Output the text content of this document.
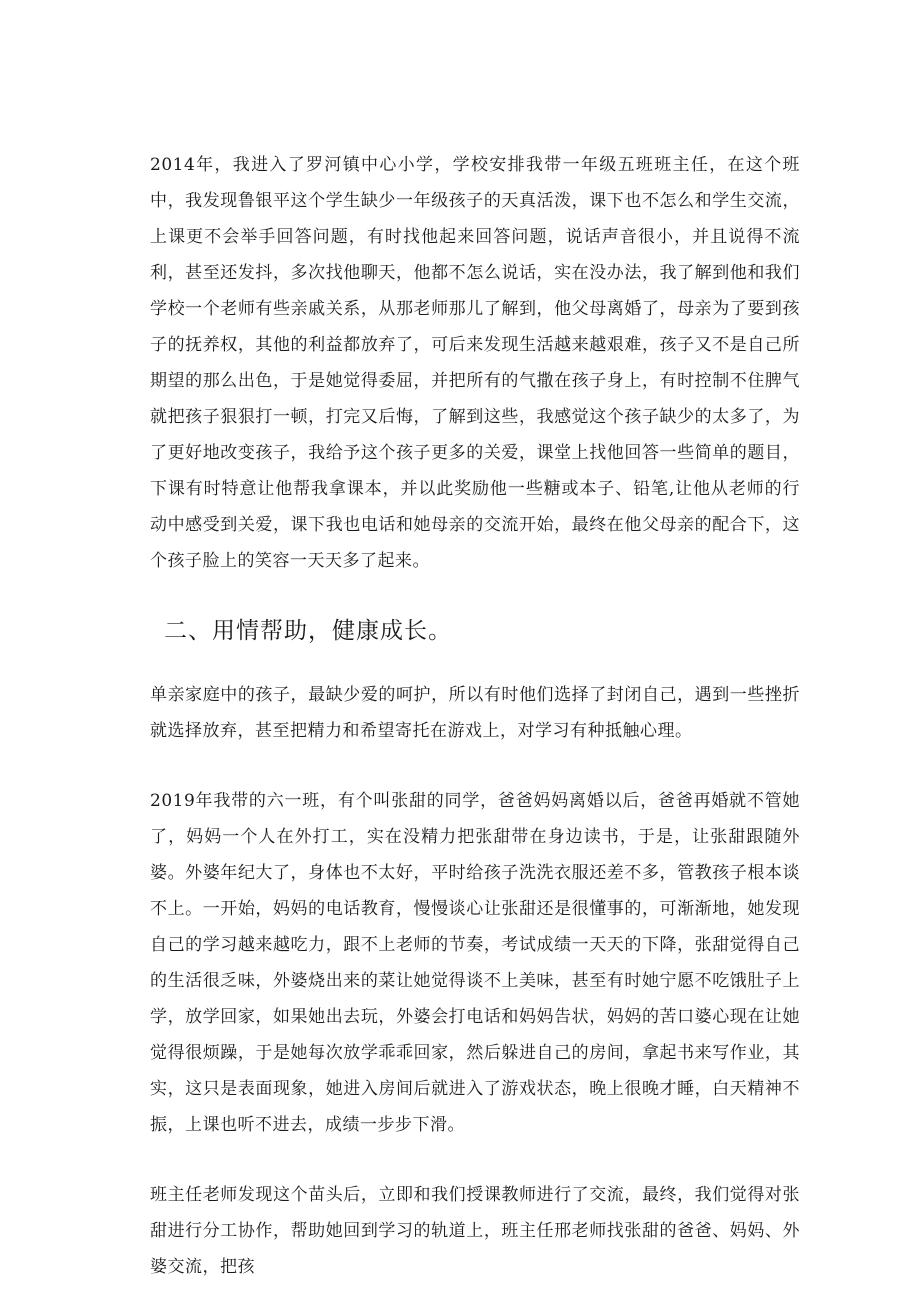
2014年，我进入了罗河镇中心小学，学校安排我带一年级五班班主任，在这个班中，我发现鲁银平这个学生缺少一年级孩子的天真活泼，课下也不怎么和学生交流，上课更不会举手回答问题，有时找他起来回答问题，说话声音很小，并且说得不流利，甚至还发抖，多次找他聊天，他都不怎么说话，实在没办法，我了解到他和我们学校一个老师有些亲戚关系，从那老师那儿了解到，他父母离婚了，母亲为了要到孩子的抚养权，其他的利益都放弃了，可后来发现生活越来越艰难，孩子又不是自己所期望的那么出色，于是她觉得委屈，并把所有的气撒在孩子身上，有时控制不住脾气就把孩子狠狠打一顿，打完又后悔，了解到这些，我感觉这个孩子缺少的太多了，为了更好地改变孩子，我给予这个孩子更多的关爱，课堂上找他回答一些简单的题目，下课有时特意让他帮我拿课本，并以此奖励他一些糖或本子、铅笔,让他从老师的行动中感受到关爱，课下我也电话和她母亲的交流开始，最终在他父母亲的配合下，这个孩子脸上的笑容一天天多了起来。

二、用情帮助，健康成长。

单亲家庭中的孩子，最缺少爱的呵护，所以有时他们选择了封闭自己，遇到一些挫折就选择放弃，甚至把精力和希望寄托在游戏上，对学习有种抵触心理。

2019年我带的六一班，有个叫张甜的同学，爸爸妈妈离婚以后，爸爸再婚就不管她了，妈妈一个人在外打工，实在没精力把张甜带在身边读书，于是，让张甜跟随外婆。外婆年纪大了，身体也不太好，平时给孩子洗洗衣服还差不多，管教孩子根本谈不上。一开始，妈妈的电话教育，慢慢谈心让张甜还是很懂事的，可渐渐地，她发现自己的学习越来越吃力，跟不上老师的节奏，考试成绩一天天的下降，张甜觉得自己的生活很乏味，外婆烧出来的菜让她觉得谈不上美味，甚至有时她宁愿不吃饿肚子上学，放学回家，如果她出去玩，外婆会打电话和妈妈告状，妈妈的苦口婆心现在让她觉得很烦躁，于是她每次放学乖乖回家，然后躲进自己的房间，拿起书来写作业，其实，这只是表面现象，她进入房间后就进入了游戏状态，晚上很晚才睡，白天精神不振，上课也听不进去，成绩一步步下滑。

班主任老师发现这个苗头后，立即和我们授课教师进行了交流，最终，我们觉得对张甜进行分工协作，帮助她回到学习的轨道上，班主任邢老师找张甜的爸爸、妈妈、外婆交流，把孩
